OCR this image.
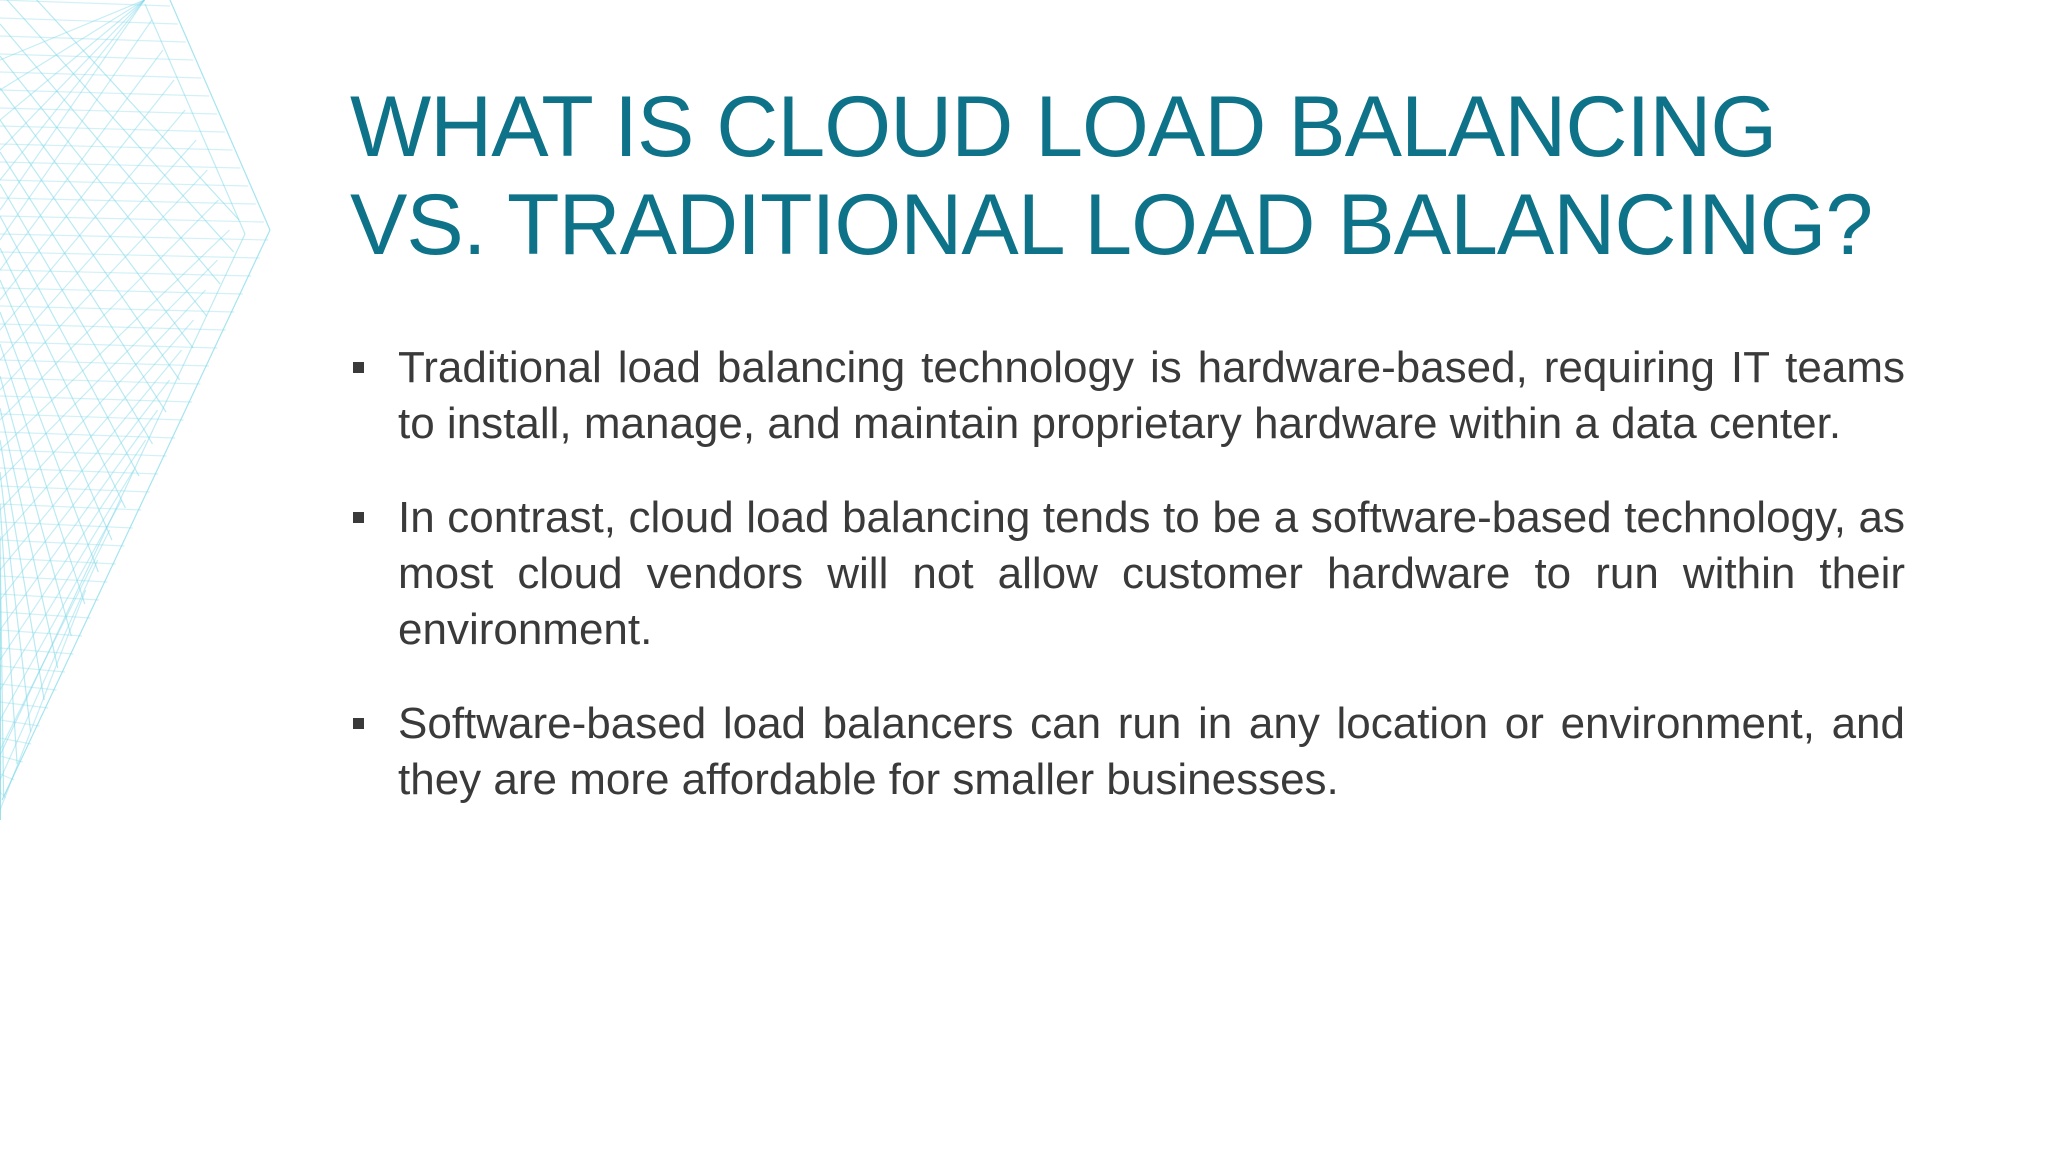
WHAT IS CLOUD LOAD BALANCING VS. TRADITIONAL LOAD BALANCING?
Traditional load balancing technology is hardware-based, requiring IT teams to install, manage, and maintain proprietary hardware within a data center.
In contrast, cloud load balancing tends to be a software-based technology, as most cloud vendors will not allow customer hardware to run within their environment.
Software-based load balancers can run in any location or environment, and they are more affordable for smaller businesses.
